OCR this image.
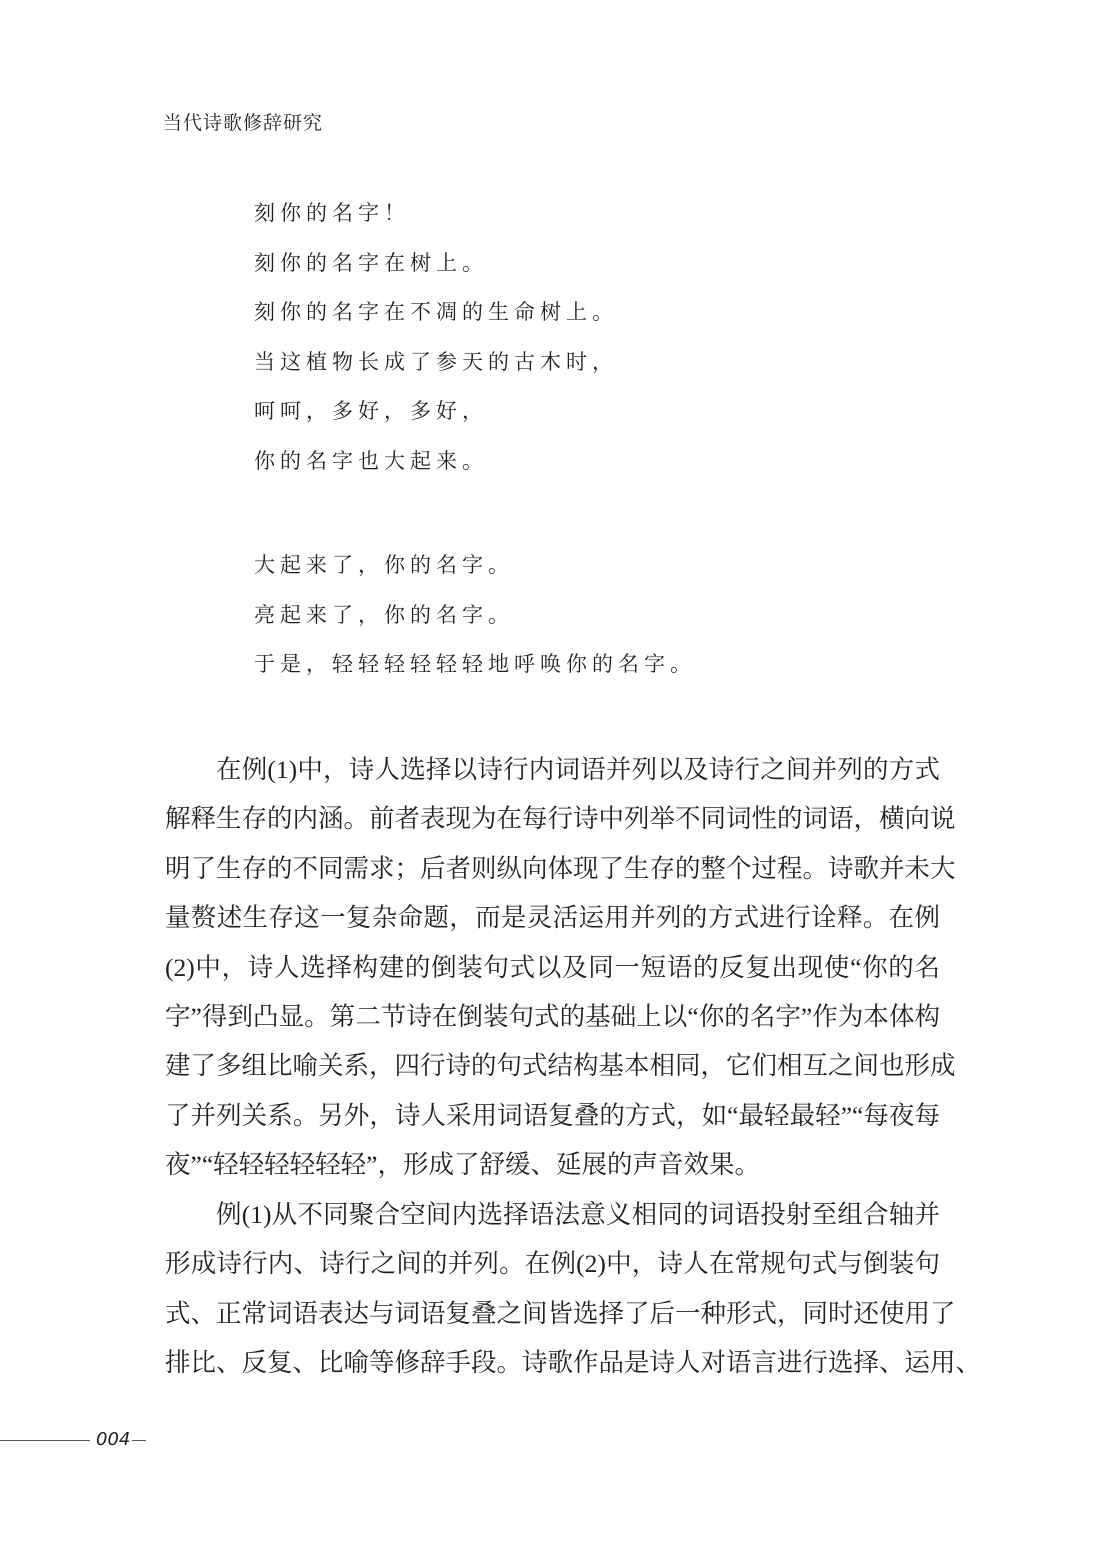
当代诗歌修辞研究
刻你的名字！
刻你的名字在树上。
刻你的名字在不凋的生命树上。
当这植物长成了参天的古木时，
呵呵，多好，多好，
你的名字也大起来。
大起来了，你的名字。
亮起来了，你的名字。
于是，轻轻轻轻轻轻地呼唤你的名字。
在例(1)中，诗人选择以诗行内词语并列以及诗行之间并列的方式
解释生存的内涵。前者表现为在每行诗中列举不同词性的词语，横向说
明了生存的不同需求；后者则纵向体现了生存的整个过程。诗歌并未大
量赘述生存这一复杂命题，而是灵活运用并列的方式进行诠释。在例
(2)中，诗人选择构建的倒装句式以及同一短语的反复出现使“你的名
字”得到凸显。第二节诗在倒装句式的基础上以“你的名字”作为本体构
建了多组比喻关系，四行诗的句式结构基本相同，它们相互之间也形成
了并列关系。另外，诗人采用词语复叠的方式，如“最轻最轻”“每夜每
夜”“轻轻轻轻轻轻”，形成了舒缓、延展的声音效果。
例(1)从不同聚合空间内选择语法意义相同的词语投射至组合轴并
形成诗行内、诗行之间的并列。在例(2)中，诗人在常规句式与倒装句
式、正常词语表达与词语复叠之间皆选择了后一种形式，同时还使用了
排比、反复、比喻等修辞手段。诗歌作品是诗人对语言进行选择、运用、
004
